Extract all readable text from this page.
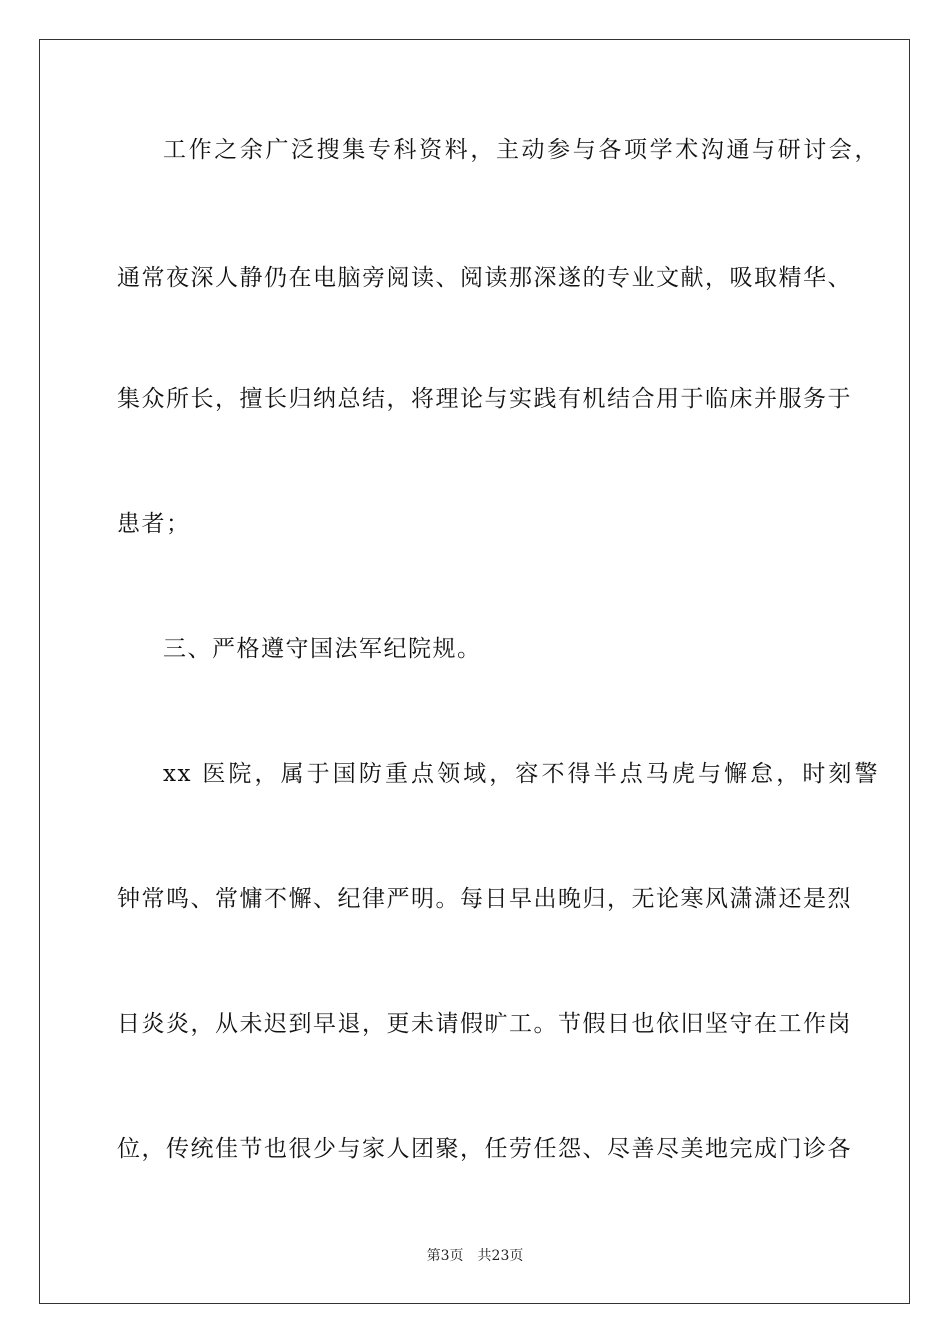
工作之余广泛搜集专科资料，主动参与各项学术沟通与研讨会，
通常夜深人静仍在电脑旁阅读、阅读那深遂的专业文献，吸取精华、
集众所长，擅长归纳总结，将理论与实践有机结合用于临床并服务于
患者；
三、严格遵守国法军纪院规。
xx 医院，属于国防重点领域，容不得半点马虎与懈怠，时刻警
钟常鸣、常慵不懈、纪律严明。每日早出晚归，无论寒风潇潇还是烈
日炎炎，从未迟到早退，更未请假旷工。节假日也依旧坚守在工作岗
位，传统佳节也很少与家人团聚，任劳任怨、尽善尽美地完成门诊各
第3页 共23页
